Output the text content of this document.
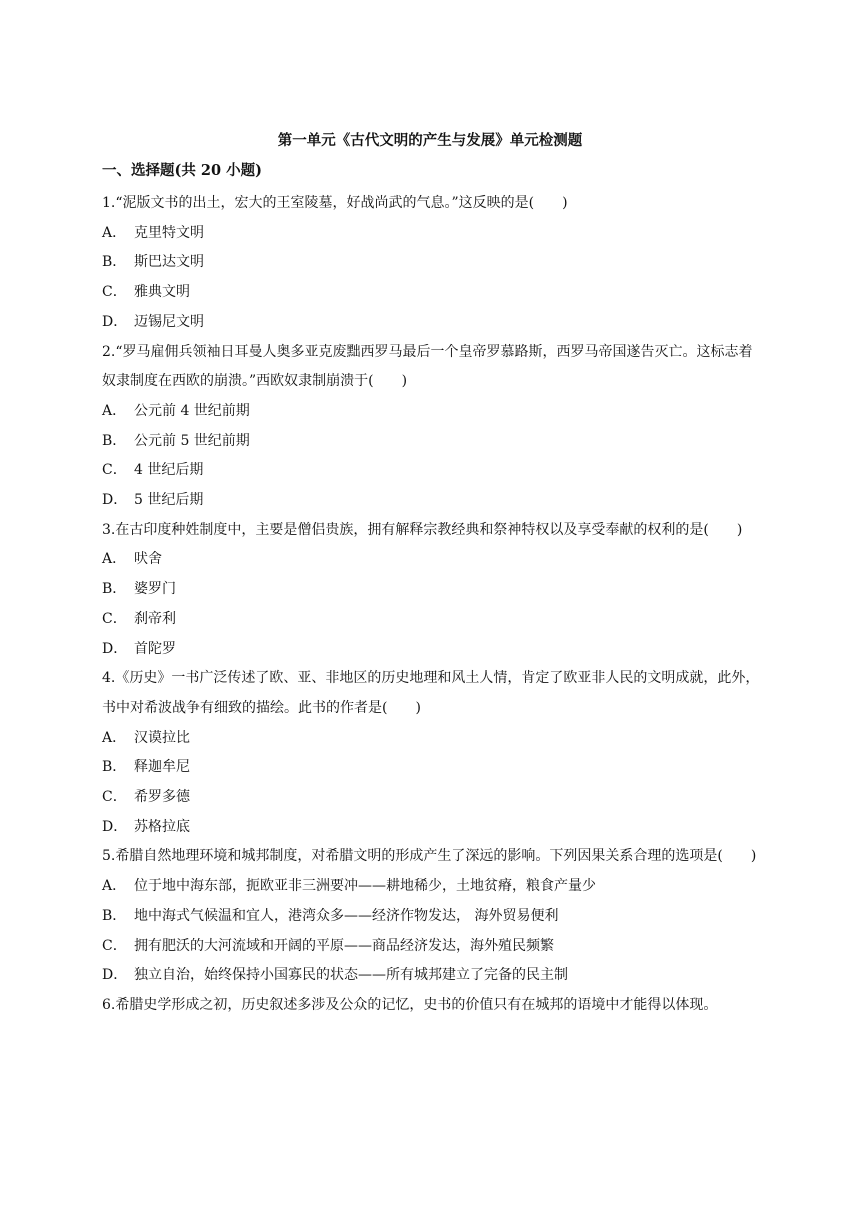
第一单元《古代文明的产生与发展》单元检测题
一、选择题(共 20 小题)

1.“泥版文书的出土，宏大的王室陵墓，好战尚武的气息。”这反映的是(　　)

A． 克里特文明

B． 斯巴达文明

C． 雅典文明

D． 迈锡尼文明

2.“罗马雇佣兵领袖日耳曼人奥多亚克废黜西罗马最后一个皇帝罗慕路斯，西罗马帝国遂告灭亡。这标志着奴隶制度在西欧的崩溃。”西欧奴隶制崩溃于(　　)

A． 公元前 4 世纪前期

B． 公元前 5 世纪前期

C． 4 世纪后期

D． 5 世纪后期

3.在古印度种姓制度中，主要是僧侣贵族，拥有解释宗教经典和祭神特权以及享受奉献的权利的是(　　)

A． 吠舍

B． 婆罗门

C． 刹帝利

D． 首陀罗

4.《历史》一书广泛传述了欧、亚、非地区的历史地理和风土人情，肯定了欧亚非人民的文明成就，此外，书中对希波战争有细致的描绘。此书的作者是(　　)

A． 汉谟拉比

B． 释迦牟尼

C． 希罗多德

D． 苏格拉底

5.希腊自然地理环境和城邦制度，对希腊文明的形成产生了深远的影响。下列因果关系合理的选项是(　　)

A． 位于地中海东部，扼欧亚非三洲要冲——耕地稀少，土地贫瘠，粮食产量少

B． 地中海式气候温和宜人，港湾众多——经济作物发达， 海外贸易便利

C． 拥有肥沃的大河流域和开阔的平原——商品经济发达，海外殖民频繁

D． 独立自治，始终保持小国寡民的状态——所有城邦建立了完备的民主制

6.希腊史学形成之初，历史叙述多涉及公众的记忆，史书的价值只有在城邦的语境中才能得以体现。
